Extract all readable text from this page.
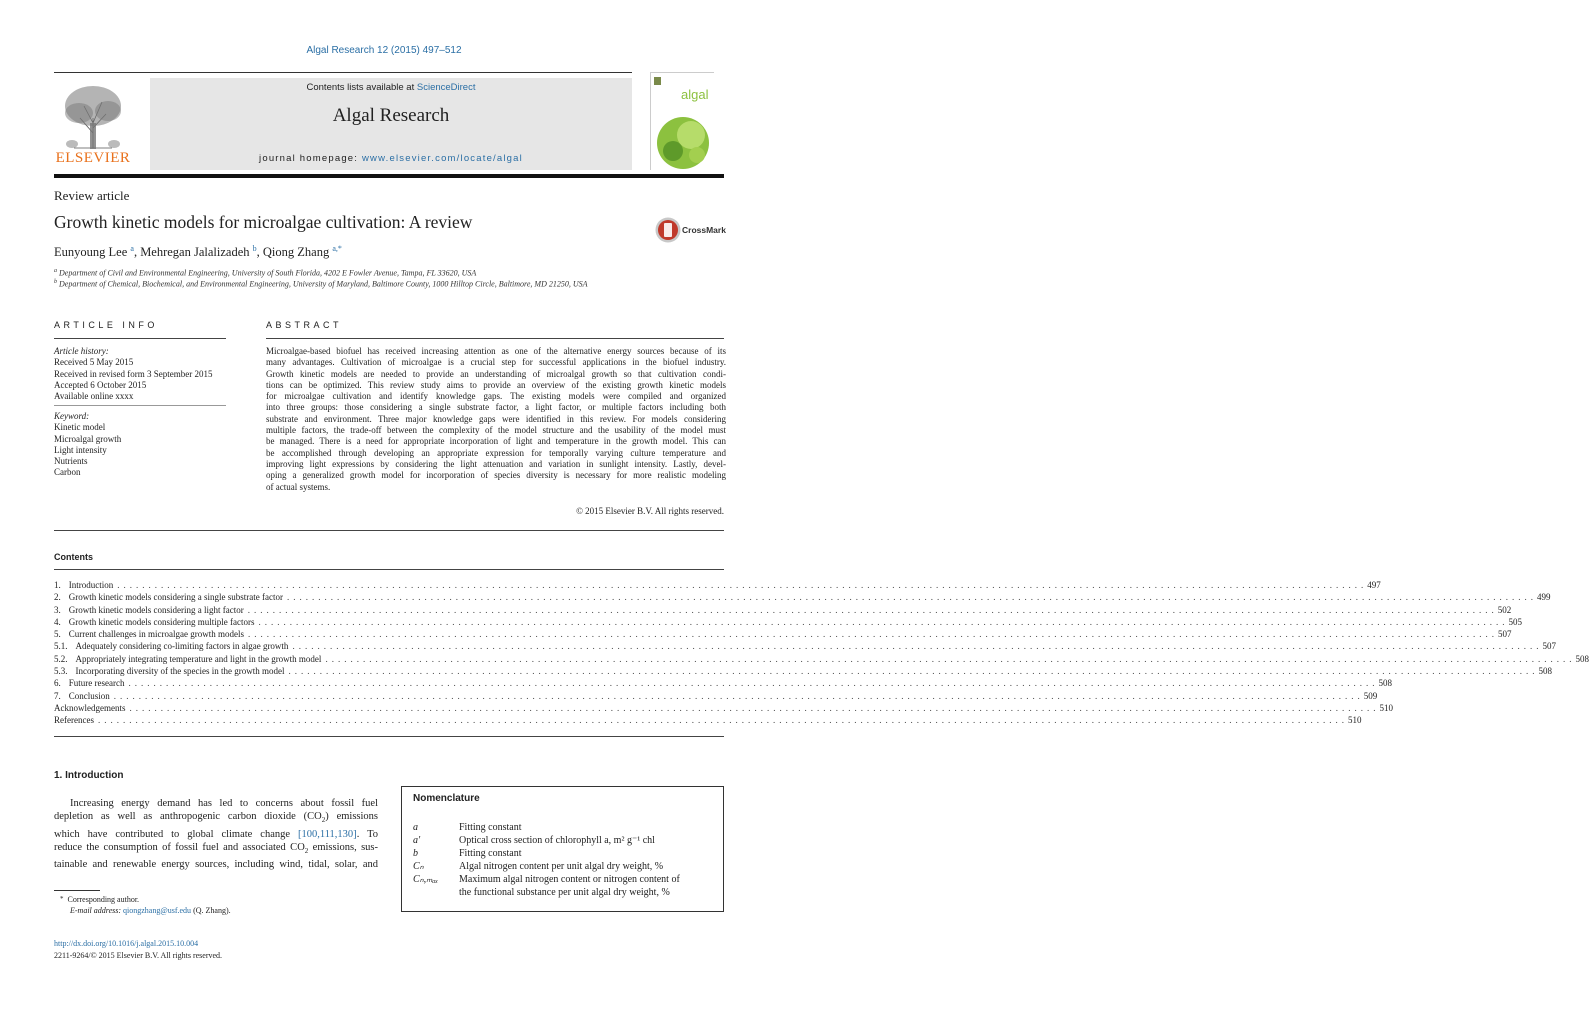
Algal Research 12 (2015) 497–512
ELSEVIER
Contents lists available at ScienceDirect
Algal Research
journal homepage: www.elsevier.com/locate/algal
algal
Review article
Growth kinetic models for microalgae cultivation: A review	CrossMark
Eunyoung Lee $^a$, Mehregan Jalalizadeh $^b$, Qiong Zhang $^{a,*}$
$^a$ Department of Civil and Environmental Engineering, University of South Florida, 4202 E Fowler Avenue, Tampa, FL 33620, USA
$^b$ Department of Chemical, Biochemical, and Environmental Engineering, University of Maryland, Baltimore County, 1000 Hilltop Circle, Baltimore, MD 21250, USA
ARTICLE INFO
Article history:
Received 5 May 2015
Received in revised form 3 September 2015
Accepted 6 October 2015
Available online xxxx
Keyword:
Kinetic model
Microalgal growth
Light intensity
Nutrients
Carbon
ABSTRACT

Microalgae-based biofuel has received increasing attention as one of the alternative energy sources because of its

many advantages. Cultivation of microalgae is a crucial step for successful applications in the biofuel industry.

Growth kinetic models are needed to provide an understanding of microalgal growth so that cultivation condi-

tions can be optimized. This review study aims to provide an overview of the existing growth kinetic models

for microalgae cultivation and identify knowledge gaps. The existing models were compiled and organized

into three groups: those considering a single substrate factor, a light factor, or multiple factors including both

substrate and environment. Three major knowledge gaps were identified in this review. For models considering

multiple factors, the trade-off between the complexity of the model structure and the usability of the model must

be managed. There is a need for appropriate incorporation of light and temperature in the growth model. This can

be accomplished through developing an appropriate expression for temporally varying culture temperature and

improving light expressions by considering the light attenuation and variation in sunlight intensity. Lastly, devel-

oping a generalized growth model for incorporation of species diversity is necessary for more realistic modeling

of actual systems.

© 2015 Elsevier B.V. All rights reserved.
Contents
1. Introduction ........................................................................................................................................................................................................ 497
2. Growth kinetic models considering a single substrate factor ........................................................................................................................................................................................................ 499
3. Growth kinetic models considering a light factor ........................................................................................................................................................................................................ 502
4. Growth kinetic models considering multiple factors ........................................................................................................................................................................................................ 505
5. Current challenges in microalgae growth models ........................................................................................................................................................................................................ 507
5.1. Adequately considering co-limiting factors in algae growth ........................................................................................................................................................................................................ 507
5.2. Appropriately integrating temperature and light in the growth model ........................................................................................................................................................................................................ 508
5.3. Incorporating diversity of the species in the growth model ........................................................................................................................................................................................................ 508
6. Future research ........................................................................................................................................................................................................ 508
7. Conclusion ........................................................................................................................................................................................................ 509
Acknowledgements ........................................................................................................................................................................................................ 510
References ........................................................................................................................................................................................................ 510
1. Introduction
Increasing energy demand has led to concerns about fossil fuel
depletion as well as anthropogenic carbon dioxide $(CO_2)$ emissions
which have contributed to global climate change [100,111,130]. To
reduce the consumption of fossil fuel and associated $CO_2$ emissions, sus-
tainable and renewable energy sources, including wind, tidal, solar, and
* Corresponding author.
E-mail address: qiongzhang@usf.edu (Q. Zhang).
http://dx.doi.org/10.1016/j.algal.2015.10.004
2211-9264/© 2015 Elsevier B.V. All rights reserved.
Nomenclature
a	Fitting constant
a′	Optical cross section of chlorophyll a, m² g⁻¹ chl
b	Fitting constant
Cₙ	Algal nitrogen content per unit algal dry weight, %
Cₙ,ₘₐₓ	Maximum algal nitrogen content or nitrogen content of
the functional substance per unit algal dry weight, %
